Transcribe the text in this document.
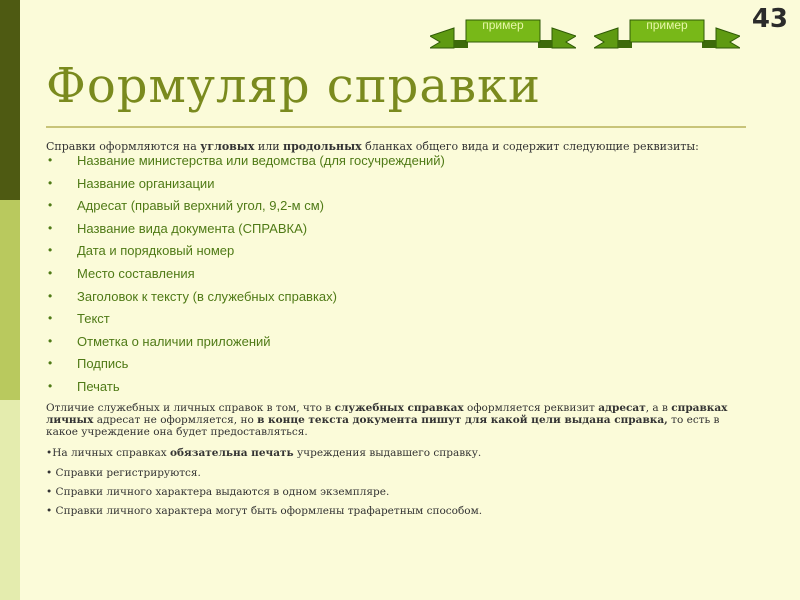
43
пример	пример
Формуляр справки

Справки оформляются на угловых или продольных бланках общего вида и содержит следующие реквизиты:

• Название министерства или ведомства (для госучреждений)
• Название организации
• Адресат (правый верхний угол, 9,2-м см)
• Название вида документа (СПРАВКА)
• Дата и порядковый номер
• Место составления
• Заголовок к тексту (в служебных справках)
• Текст
• Отметка о наличии приложений
• Подпись
• Печать

Отличие служебных и личных справок в том, что в служебных справках оформляется реквизит адресат, а в справках личных адресат не оформляется, но в конце текста документа пишут для какой цели выдана справка, то есть в какое учреждение она будет предоставляться.

•На личных справках обязательна печать учреждения выдавшего справку.

• Справки регистрируются.

• Справки личного характера выдаются в одном экземпляре.

• Справки личного характера могут быть оформлены трафаретным способом.
